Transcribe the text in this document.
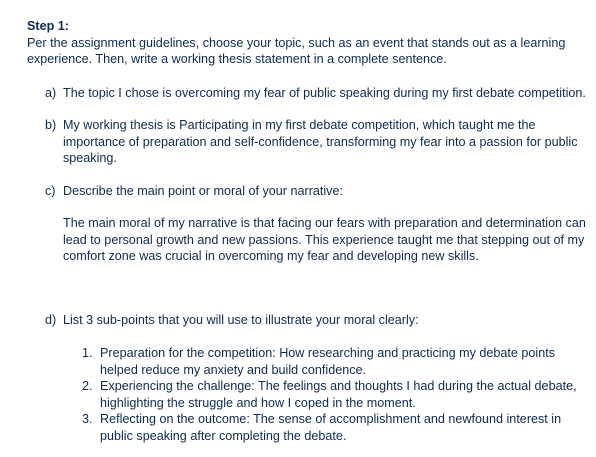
Step 1:

Per the assignment guidelines, choose your topic, such as an event that stands out as a learning experience. Then, write a working thesis statement in a complete sentence.

a) The topic I chose is overcoming my fear of public speaking during my first debate competition.
b) My working thesis is Participating in my first debate competition, which taught me the importance of preparation and self-confidence, transforming my fear into a passion for public speaking.
c) Describe the main point or moral of your narrative:

The main moral of my narrative is that facing our fears with preparation and determination can lead to personal growth and new passions. This experience taught me that stepping out of my comfort zone was crucial in overcoming my fear and developing new skills.

d) List 3 sub-points that you will use to illustrate your moral clearly:
1. Preparation for the competition: How researching and practicing my debate points helped reduce my anxiety and build confidence.
2. Experiencing the challenge: The feelings and thoughts I had during the actual debate, highlighting the struggle and how I coped in the moment.
3. Reflecting on the outcome: The sense of accomplishment and newfound interest in public speaking after completing the debate.
